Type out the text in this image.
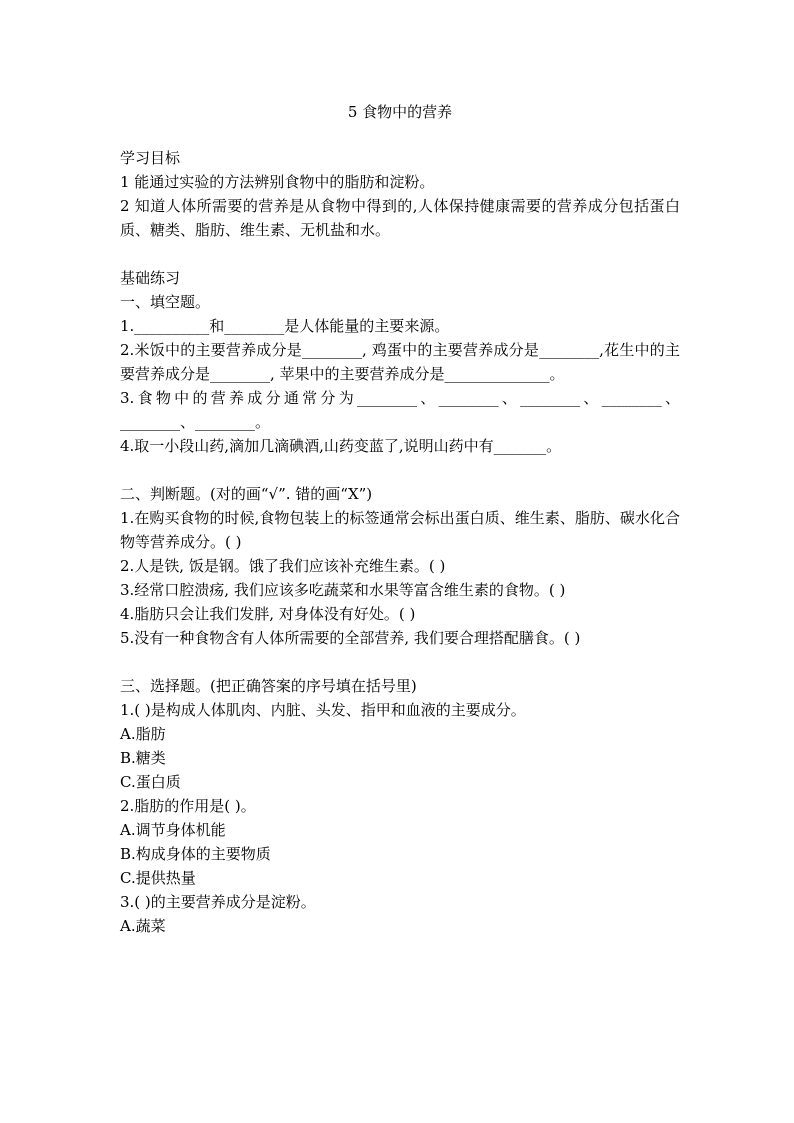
5 食物中的营养

学习目标

1 能通过实验的方法辨别食物中的脂肪和淀粉。

2 知道人体所需要的营养是从食物中得到的,人体保持健康需要的营养成分包括蛋白质、糖类、脂肪、维生素、无机盐和水。

基础练习

一、填空题。

1.__________和________是人体能量的主要来源。

2.米饭中的主要营养成分是________, 鸡蛋中的主要营养成分是________,花生中的主要营养成分是________, 苹果中的主要营养成分是______________。

3.食物中的营养成分通常分为________、________、________、________、________、________。

4.取一小段山药,滴加几滴碘酒,山药变蓝了,说明山药中有_______。

二、判断题。(对的画“√”. 错的画“X”)

1.在购买食物的时候,食物包装上的标签通常会标出蛋白质、维生素、脂肪、碳水化合物等营养成分。( )

2.人是铁, 饭是钢。饿了我们应该补充维生素。( )

3.经常口腔溃疡, 我们应该多吃蔬菜和水果等富含维生素的食物。( )

4.脂肪只会让我们发胖, 对身体没有好处。( )

5.没有一种食物含有人体所需要的全部营养, 我们要合理搭配膳食。( )

三、选择题。(把正确答案的序号填在括号里)

1.( )是构成人体肌肉、内脏、头发、指甲和血液的主要成分。

A.脂肪

B.糖类

C.蛋白质

2.脂肪的作用是( )。

A.调节身体机能

B.构成身体的主要物质

C.提供热量

3.( )的主要营养成分是淀粉。

A.蔬菜
